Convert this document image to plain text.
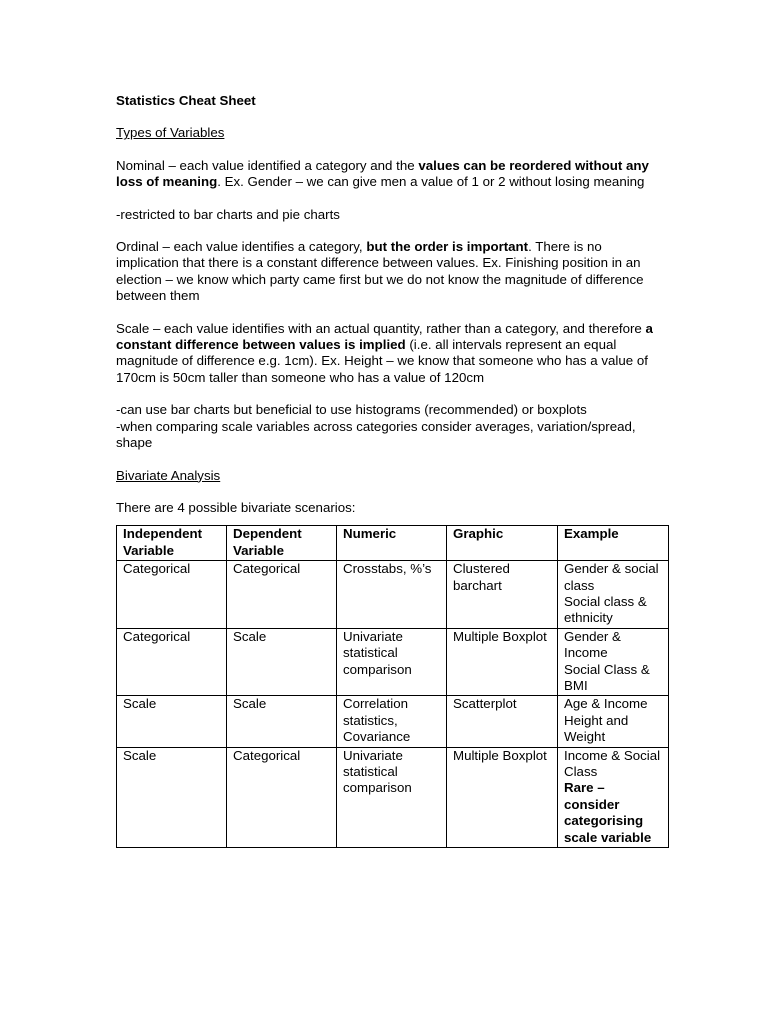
Statistics Cheat Sheet

Types of Variables

Nominal – each value identified a category and the values can be reordered without any loss of meaning. Ex. Gender – we can give men a value of 1 or 2 without losing meaning

-restricted to bar charts and pie charts

Ordinal – each value identifies a category, but the order is important. There is no implication that there is a constant difference between values. Ex. Finishing position in an election – we know which party came first but we do not know the magnitude of difference between them

Scale – each value identifies with an actual quantity, rather than a category, and therefore a constant difference between values is implied (i.e. all intervals represent an equal magnitude of difference e.g. 1cm). Ex. Height – we know that someone who has a value of 170cm is 50cm taller than someone who has a value of 120cm

-can use bar charts but beneficial to use histograms (recommended) or boxplots
-when comparing scale variables across categories consider averages, variation/spread, shape

Bivariate Analysis

There are 4 possible bivariate scenarios:

Independent Variable	Dependent Variable	Numeric	Graphic	Example
Categorical	Categorical	Crosstabs, %’s	Clustered barchart	Gender & social class
Social class & ethnicity

Categorical	Scale	Univariate statistical comparison	Multiple Boxplot	Gender & Income
Social Class & BMI

Scale	Scale	Correlation statistics, Covariance	Scatterplot	Age & Income
Height and Weight

Scale	Categorical	Univariate statistical comparison	Multiple Boxplot	Income & Social Class
Rare – consider categorising scale variable
